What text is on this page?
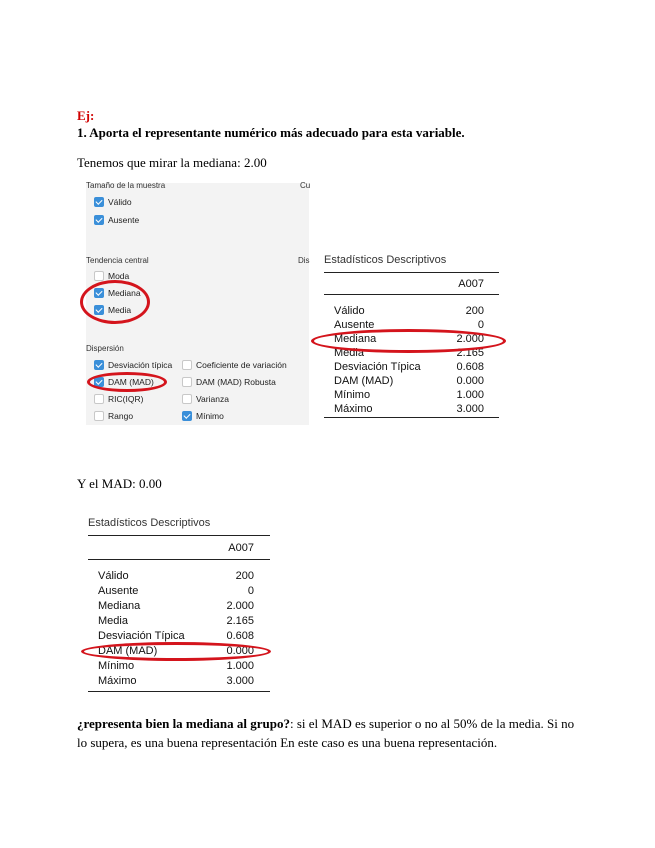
Ej:
1. Aporta el representante numérico más adecuado para esta variable.
Tenemos que mirar la mediana: 2.00
Tamaño de la muestra	Cu
Válido
Ausente
Tendencia central	Dis
Moda
Mediana
Media
Dispersión
Desviación típica
DAM (MAD)
RIC(IQR)
Rango
Coeficiente de variación
DAM (MAD) Robusta
Varianza
Mínimo
Estadísticos Descriptivos
A007
Válido	200
Ausente	0
Mediana	2.000
Media	2.165
Desviación Típica	0.608
DAM (MAD)	0.000
Mínimo	1.000
Máximo	3.000
Y el MAD: 0.00
Estadísticos Descriptivos
A007
Válido	200
Ausente	0
Mediana	2.000
Media	2.165
Desviación Típica	0.608
DAM (MAD)	0.000
Mínimo	1.000
Máximo	3.000
¿representa bien la mediana al grupo?: si el MAD es superior o no al 50% de la media. Si no
lo supera, es una buena representación En este caso es una buena representación.
